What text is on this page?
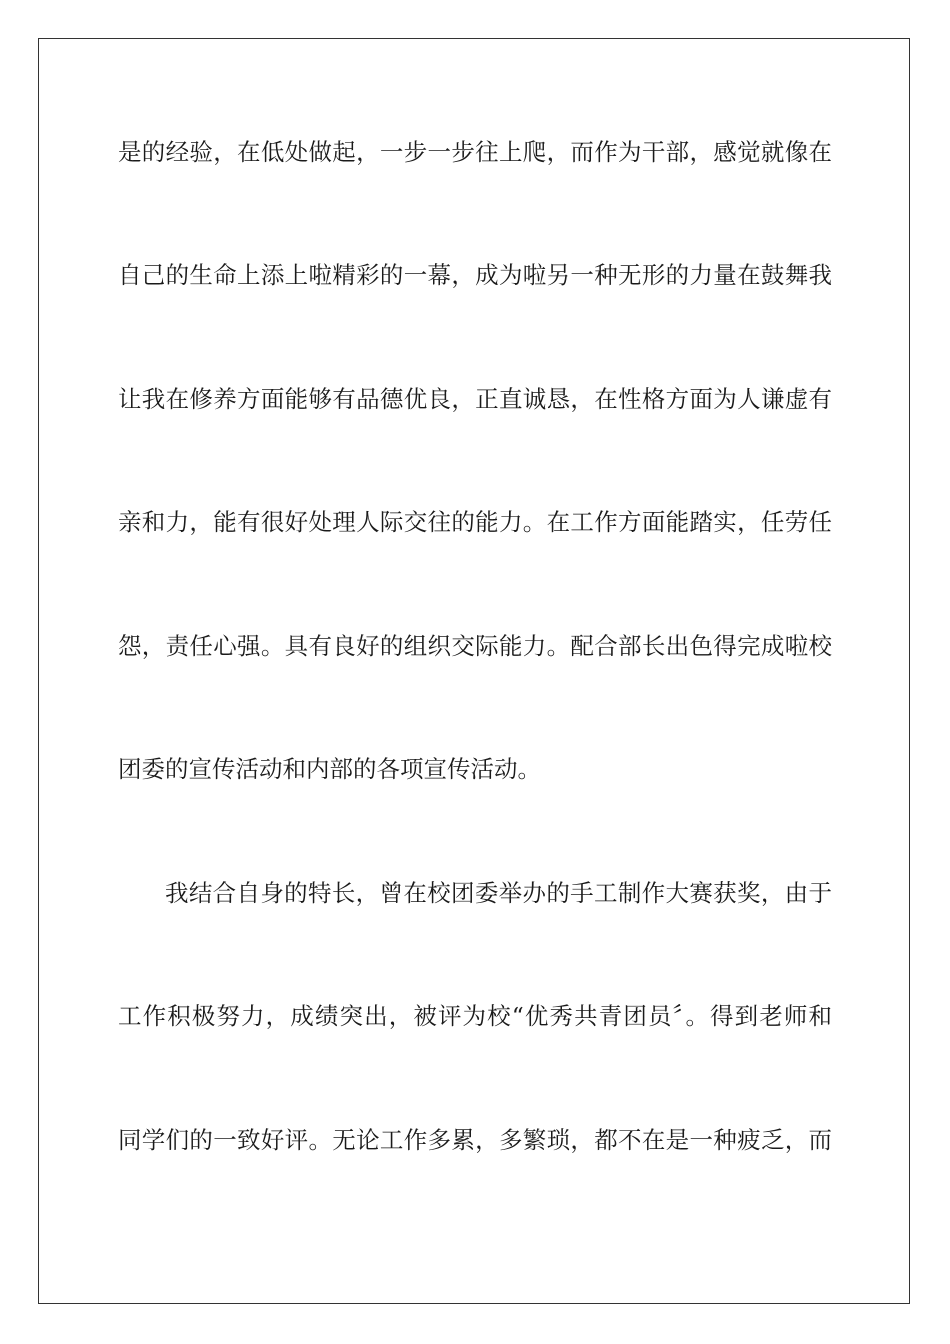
是的经验，在低处做起，一步一步往上爬，而作为干部，感觉就像在
自己的生命上添上啦精彩的一幕，成为啦另一种无形的力量在鼓舞我
让我在修养方面能够有品德优良，正直诚恳，在性格方面为人谦虚有
亲和力，能有很好处理人际交往的能力。在工作方面能踏实，任劳任
怨，责任心强。具有良好的组织交际能力。配合部长出色得完成啦校
团委的宣传活动和内部的各项宣传活动。
我结合自身的特长，曾在校团委举办的手工制作大赛获奖，由于
工作积极努力，成绩突出，被评为校“优秀共青团员〞。得到老师和
同学们的一致好评。无论工作多累，多繁琐，都不在是一种疲乏，而
